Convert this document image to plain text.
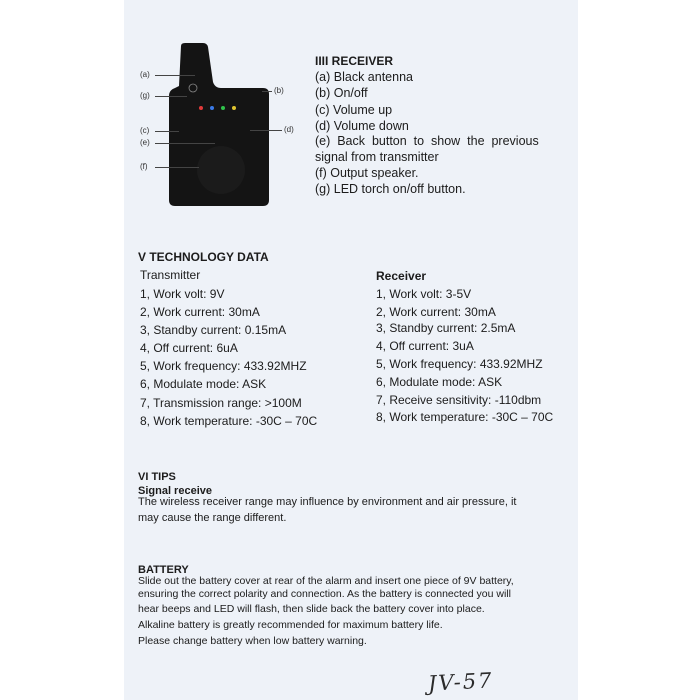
(a)
(g)
(b)
(c)
(e)
(d)
(f)
IIII RECEIVER
(a) Black antenna
(b) On/off
(c) Volume up
(d) Volume down
(e)  Back  button  to  show  the  previous
signal from transmitter
(f) Output speaker.
(g) LED torch on/off button.
V TECHNOLOGY DATA
Transmitter
1, Work volt: 9V
2, Work current: 30mA
3, Standby current: 0.15mA
4, Off current: 6uA
5, Work frequency: 433.92MHZ
6, Modulate mode: ASK
7, Transmission range: >100M
8, Work temperature: -30C – 70C
Receiver
1, Work volt: 3-5V
2, Work current: 30mA
3, Standby current: 2.5mA
4, Off current: 3uA
5, Work frequency: 433.92MHZ
6, Modulate mode: ASK
7, Receive sensitivity: -110dbm
8, Work temperature: -30C – 70C
VI TIPS
Signal receive
The wireless receiver range may influence by environment and air pressure, it
may cause the range different.
BATTERY
Slide out the battery cover at rear of the alarm and insert one piece of 9V battery,
ensuring the correct polarity and connection. As the battery is connected you will
hear beeps and LED will flash, then slide back the battery cover into place.
Alkaline battery is greatly recommended for maximum battery life.
Please change battery when low battery warning.
JV-57
